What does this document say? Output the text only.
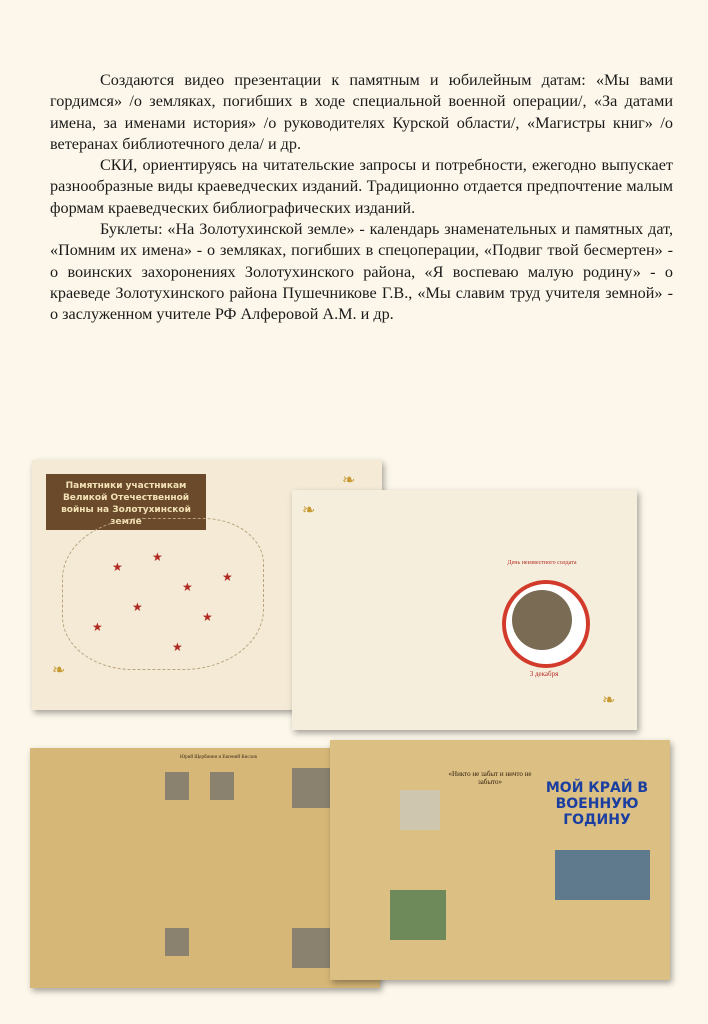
Создаются видео презентации к памятным и юбилейным датам: «Мы вами гордимся» /о земляках, погибших в ходе специальной военной операции/, «За датами имена, за именами история» /о руководителях Курской области/, «Магистры книг» /о ветеранах библиотечного дела/ и др.

СКИ, ориентируясь на читательские запросы и потребности, ежегодно выпускает разнообразные виды краеведческих изданий. Традиционно отдается предпочтение малым формам краеведческих библиографических изданий.

Буклеты: «На Золотухинской земле» - календарь знаменательных и памятных дат, «Помним их имена» - о земляках, погибших в спецоперации, «Подвиг твой бесмертен» - о воинских захоронениях Золотухинского района, «Я воспеваю малую родину» - о краеведе Золотухинского района Пушечникове Г.В., «Мы славим труд учителя земной» - о заслуженном учителе РФ Алферовой А.М. и др.

Памятники участникам Великой Отечественной войны на Золотухинской земле
★
★
★
★
★
★
★
★
❧
❧	3 декабря
День неизвестного солдата
❧
❧
Юрий Щербинин и Евгений Кислов
«Никто не забыт и ничто не забыто»	МОЙ КРАЙ В ВОЕННУЮ ГОДИНУ
